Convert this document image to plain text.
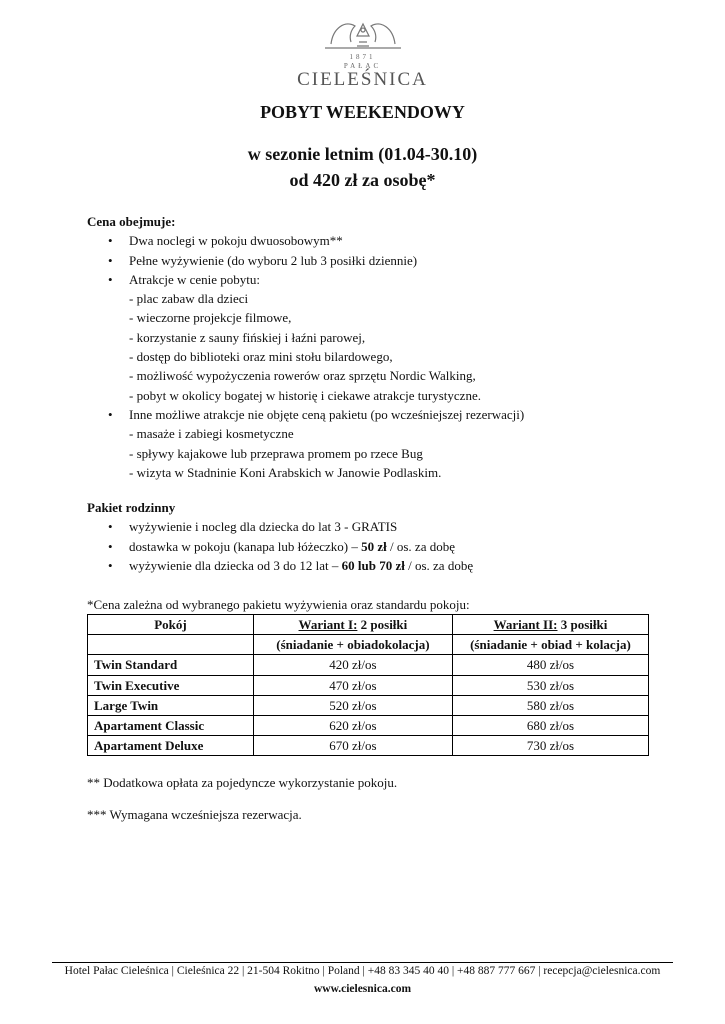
1871
PAŁAC
CIELEŚNICA
POBYT WEEKENDOWY
w sezonie letnim (01.04-30.10)
od 420 zł za osobę*
Cena obejmuje:
• Dwa noclegi w pokoju dwuosobowym**
• Pełne wyżywienie (do wyboru 2 lub 3 posiłki dziennie)
• Atrakcje w cenie pobytu:
- plac zabaw dla dzieci
- wieczorne projekcje filmowe,
- korzystanie z sauny fińskiej i łaźni parowej,
- dostęp do biblioteki oraz mini stołu bilardowego,
- możliwość wypożyczenia rowerów oraz sprzętu Nordic Walking,
- pobyt w okolicy bogatej w historię i ciekawe atrakcje turystyczne.
• Inne możliwe atrakcje nie objęte ceną pakietu (po wcześniejszej rezerwacji)
- masaże i zabiegi kosmetyczne
- spływy kajakowe lub przeprawa promem po rzece Bug
- wizyta w Stadninie Koni Arabskich w Janowie Podlaskim.
Pakiet rodzinny
• wyżywienie i nocleg dla dziecka do lat 3 - GRATIS
• dostawka w pokoju (kanapa lub łóżeczko) – 50 zł / os. za dobę
• wyżywienie dla dziecka od 3 do 12 lat – 60 lub 70 zł / os. za dobę
*Cena zależna od wybranego pakietu wyżywienia oraz standardu pokoju:
Pokój	Wariant I: 2 posiłki	Wariant II: 3 posiłki
	(śniadanie + obiadokolacja)	(śniadanie + obiad + kolacja)
Twin Standard	420 zł/os	480 zł/os
Twin Executive	470 zł/os	530 zł/os
Large Twin	520 zł/os	580 zł/os
Apartament Classic	620 zł/os	680 zł/os
Apartament Deluxe	670 zł/os	730 zł/os
** Dodatkowa opłata za pojedyncze wykorzystanie pokoju.
*** Wymagana wcześniejsza rezerwacja.
Hotel Pałac Cieleśnica | Cieleśnica 22 | 21-504 Rokitno | Poland | +48 83 345 40 40 | +48 887 777 667 | recepcja@cielesnica.com
www.cielesnica.com
